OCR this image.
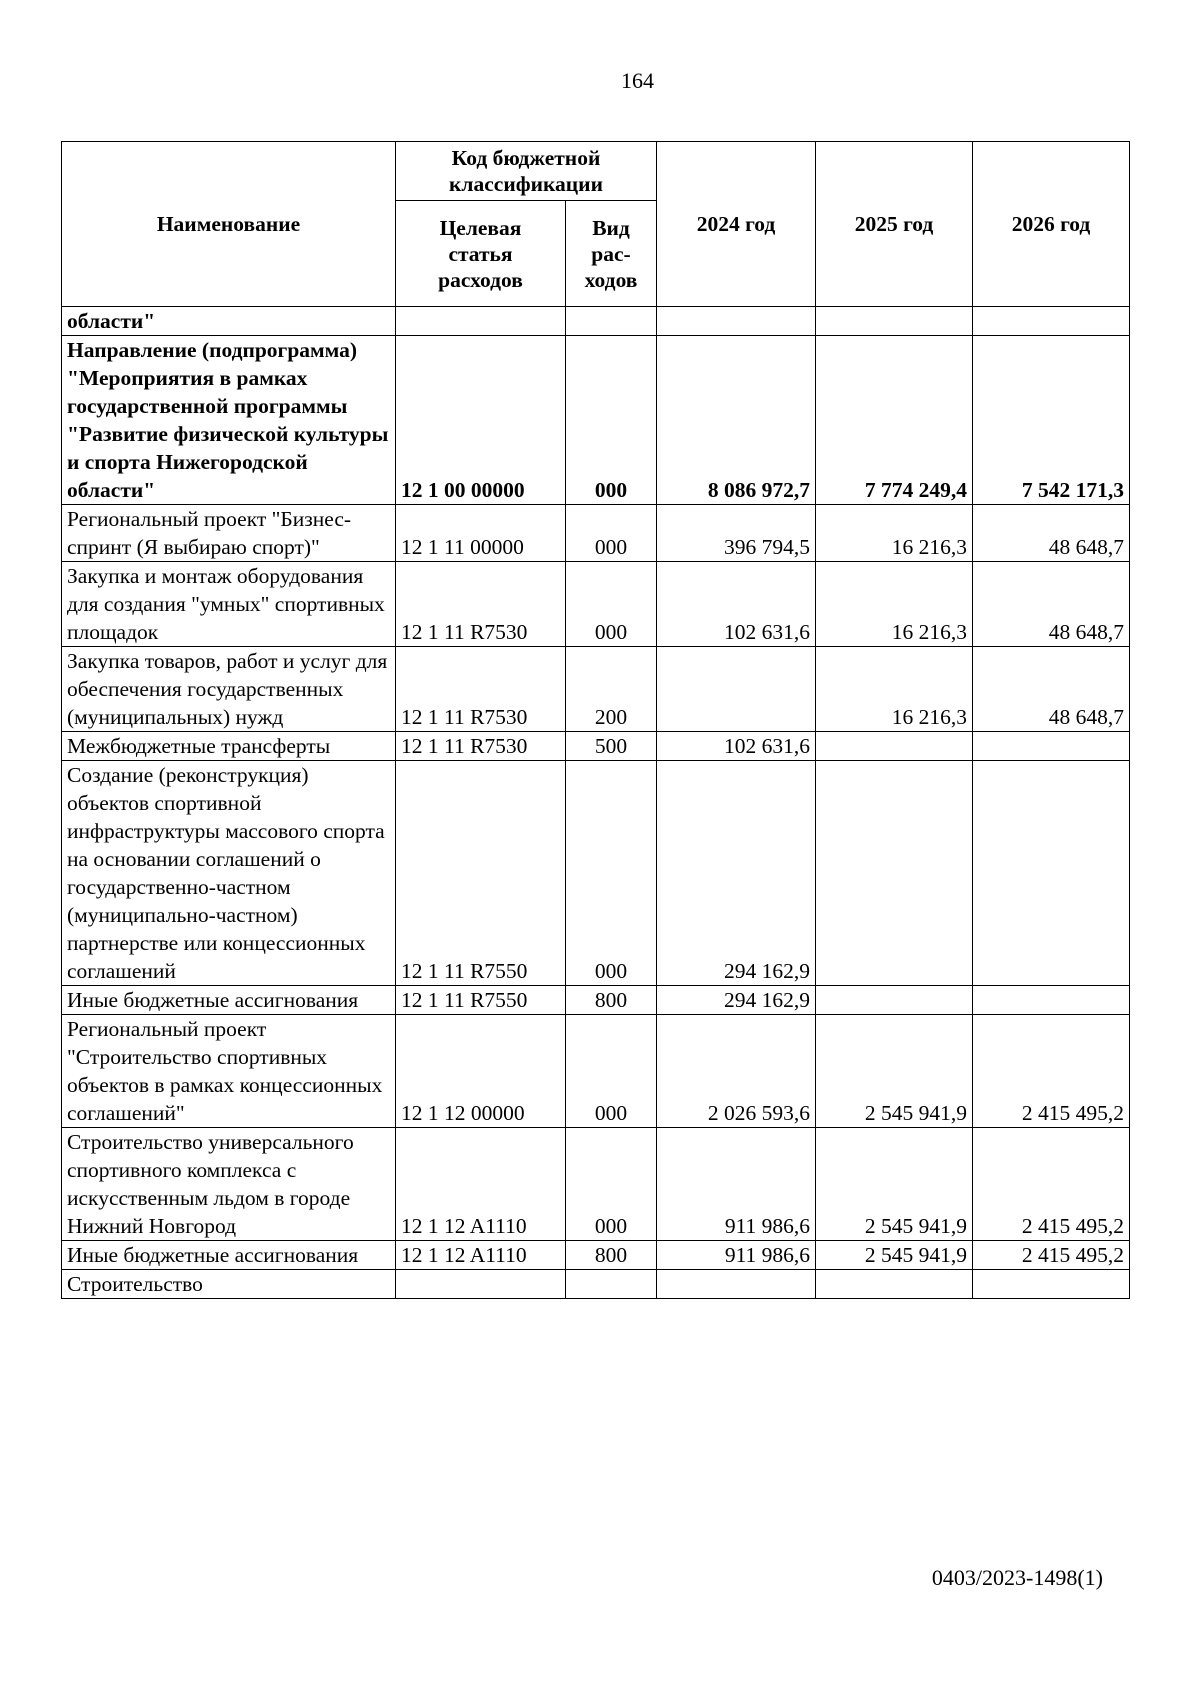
164
Наименование	Код бюджетной классификации		2024 год	2025 год	2026 год
	Целевая статья расходов	Вид рас-ходов			
области"					
Направление (подпрограмма) "Мероприятия в рамках государственной программы "Развитие физической культуры и спорта Нижегородской области"	12 1 00 00000	000	8 086 972,7	7 774 249,4	7 542 171,3
Региональный проект "Бизнес-спринт (Я выбираю спорт)"	12 1 11 00000	000	396 794,5	16 216,3	48 648,7
Закупка и монтаж оборудования для создания "умных" спортивных площадок	12 1 11 R7530	000	102 631,6	16 216,3	48 648,7
Закупка товаров, работ и услуг для обеспечения государственных (муниципальных) нужд	12 1 11 R7530	200		16 216,3	48 648,7
Межбюджетные трансферты	12 1 11 R7530	500	102 631,6		
Создание (реконструкция) объектов спортивной инфраструктуры массового спорта на основании соглашений о государственно-частном (муниципально-частном) партнерстве или концессионных соглашений	12 1 11 R7550	000	294 162,9		
Иные бюджетные ассигнования	12 1 11 R7550	800	294 162,9		
Региональный проект "Строительство спортивных объектов в рамках концессионных соглашений"	12 1 12 00000	000	2 026 593,6	2 545 941,9	2 415 495,2
Строительство универсального спортивного комплекса с искусственным льдом в городе Нижний Новгород	12 1 12 A1110	000	911 986,6	2 545 941,9	2 415 495,2
Иные бюджетные ассигнования	12 1 12 A1110	800	911 986,6	2 545 941,9	2 415 495,2
Строительство					
0403/2023-1498(1)
